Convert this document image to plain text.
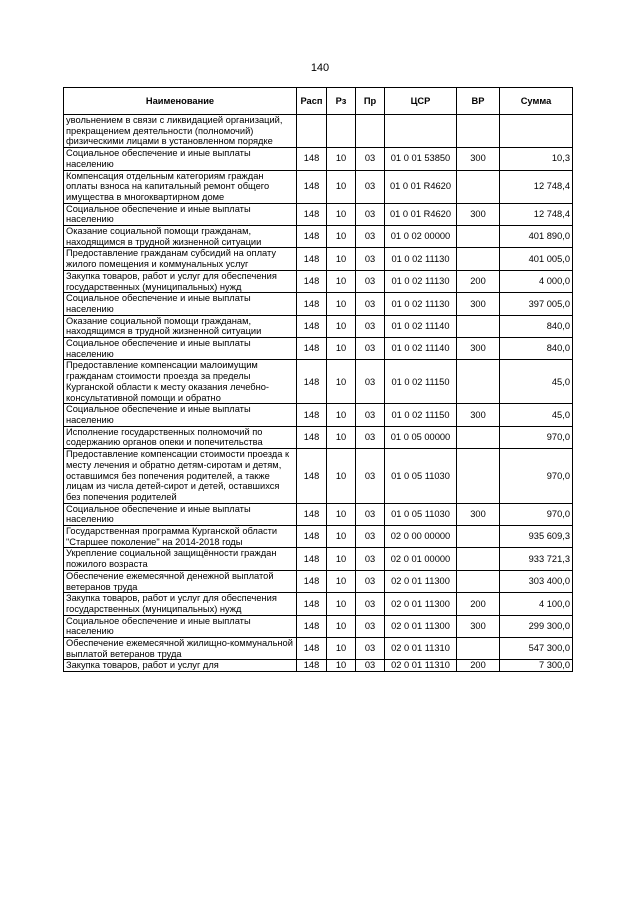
140
Наименование	Расп	Рз	Пр	ЦСР	ВР	Сумма
увольнением в связи с ликвидацией организаций, прекращением деятельности (полномочий) физическими лицами в установленном порядке						
Социальное обеспечение и иные выплаты населению	148	10	03	01 0 01 53850	300	10,3
Компенсация отдельным категориям граждан оплаты взноса на капитальный ремонт общего имущества в многоквартирном доме	148	10	03	01 0 01 R4620		12 748,4
Социальное обеспечение и иные выплаты населению	148	10	03	01 0 01 R4620	300	12 748,4
Оказание социальной помощи гражданам, находящимся в трудной жизненной ситуации	148	10	03	01 0 02 00000		401 890,0
Предоставление гражданам субсидий на оплату жилого помещения и коммунальных услуг	148	10	03	01 0 02 11130		401 005,0
Закупка товаров, работ и услуг для обеспечения государственных (муниципальных) нужд	148	10	03	01 0 02 11130	200	4 000,0
Социальное обеспечение и иные выплаты населению	148	10	03	01 0 02 11130	300	397 005,0
Оказание социальной помощи гражданам, находящимся в трудной жизненной ситуации	148	10	03	01 0 02 11140		840,0
Социальное обеспечение и иные выплаты населению	148	10	03	01 0 02 11140	300	840,0
Предоставление компенсации малоимущим гражданам стоимости проезда за пределы Курганской области к месту оказания лечебно-консультативной помощи и обратно	148	10	03	01 0 02 11150		45,0
Социальное обеспечение и иные выплаты населению	148	10	03	01 0 02 11150	300	45,0
Исполнение государственных полномочий по содержанию органов опеки и попечительства	148	10	03	01 0 05 00000		970,0
Предоставление компенсации стоимости проезда к месту лечения и обратно детям-сиротам и детям, оставшимся без попечения родителей, а также лицам из числа детей-сирот и детей, оставшихся без попечения родителей	148	10	03	01 0 05 11030		970,0
Социальное обеспечение и иные выплаты населению	148	10	03	01 0 05 11030	300	970,0
Государственная программа Курганской области "Старшее поколение" на 2014-2018 годы	148	10	03	02 0 00 00000		935 609,3
Укрепление социальной защищённости граждан пожилого возраста	148	10	03	02 0 01 00000		933 721,3
Обеспечение ежемесячной денежной выплатой ветеранов труда	148	10	03	02 0 01 11300		303 400,0
Закупка товаров, работ и услуг для обеспечения государственных (муниципальных) нужд	148	10	03	02 0 01 11300	200	4 100,0
Социальное обеспечение и иные выплаты населению	148	10	03	02 0 01 11300	300	299 300,0
Обеспечение ежемесячной жилищно-коммунальной выплатой ветеранов труда	148	10	03	02 0 01 11310		547 300,0
Закупка товаров, работ и услуг для	148	10	03	02 0 01 11310	200	7 300,0
